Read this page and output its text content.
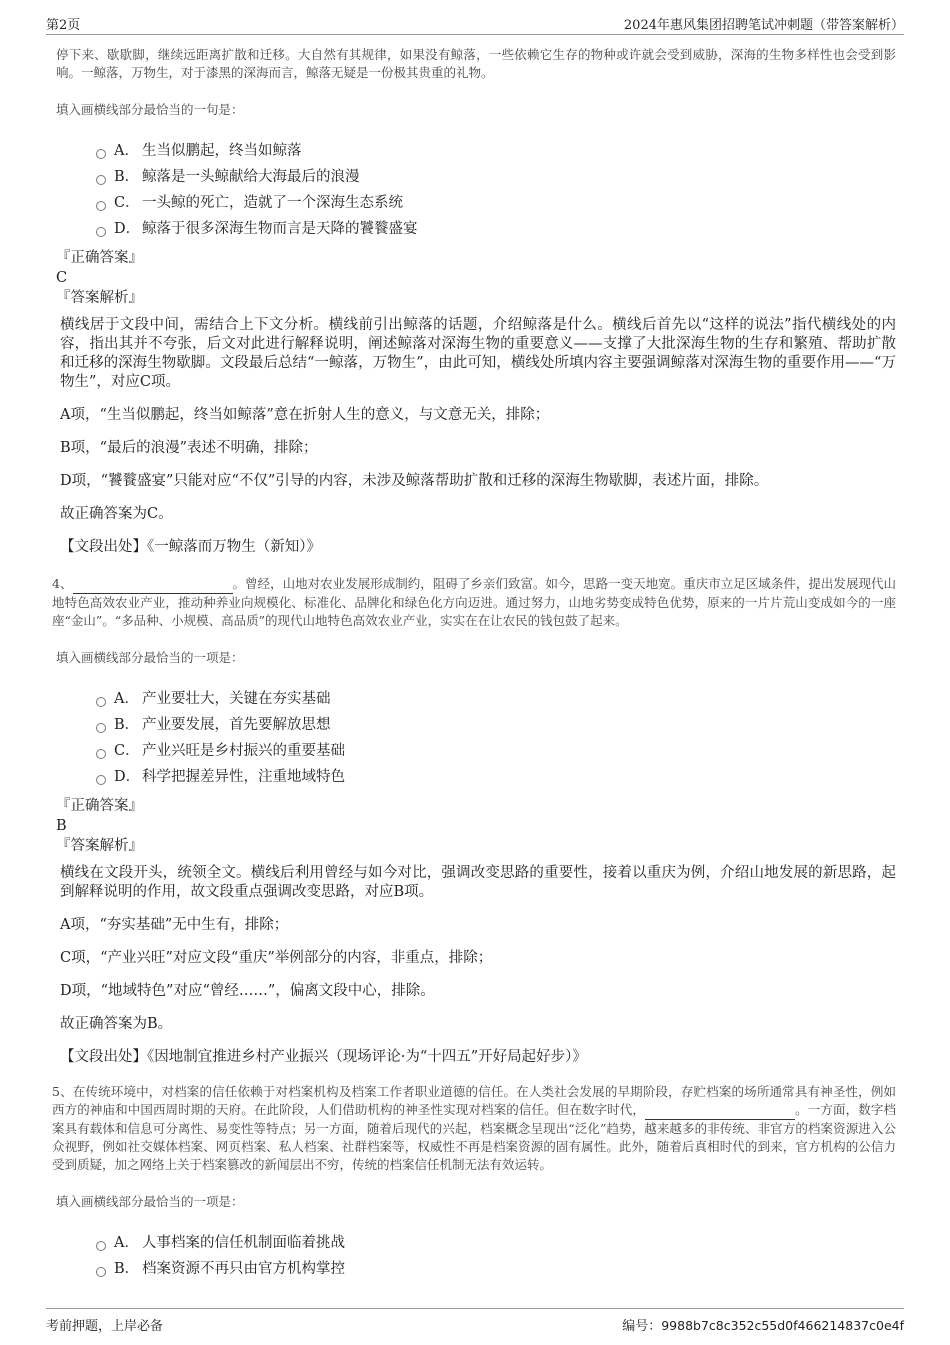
第2页	2024年惠风集团招聘笔试冲刺题（带答案解析）

停下来、歇歇脚，继续远距离扩散和迁移。大自然有其规律，如果没有鲸落，一些依赖它生存的物种或许就会受到威胁，深海的生物多样性也会受到影响。一鲸落，万物生，对于漆黑的深海而言，鲸落无疑是一份极其贵重的礼物。

填入画横线部分最恰当的一句是：

A． 生当似鹏起，终当如鲸落
B． 鲸落是一头鲸献给大海最后的浪漫
C． 一头鲸的死亡，造就了一个深海生态系统
D． 鲸落于很多深海生物而言是天降的饕餮盛宴

『正确答案』

C

『答案解析』

横线居于文段中间，需结合上下文分析。横线前引出鲸落的话题，介绍鲸落是什么。横线后首先以“这样的说法”指代横线处的内容，指出其并不夸张，后文对此进行解释说明，阐述鲸落对深海生物的重要意义——支撑了大批深海生物的生存和繁殖、帮助扩散和迁移的深海生物歇脚。文段最后总结“一鲸落，万物生”，由此可知，横线处所填内容主要强调鲸落对深海生物的重要作用——“万物生”，对应C项。

A项，“生当似鹏起，终当如鲸落”意在折射人生的意义，与文意无关，排除；

B项，“最后的浪漫”表述不明确，排除；

D项，“饕餮盛宴”只能对应“不仅”引导的内容，未涉及鲸落帮助扩散和迁移的深海生物歇脚，表述片面，排除。

故正确答案为C。

【文段出处】《一鲸落而万物生（新知）》

4、	。曾经，山地对农业发展形成制约，阻碍了乡亲们致富。如今，思路一变天地宽。重庆市立足区域条件，提出发展现代山地特色高效农业产业，推动种养业向规模化、标准化、品牌化和绿色化方向迈进。通过努力，山地劣势变成特色优势，原来的一片片荒山变成如今的一座座“金山”。“多品种、小规模、高品质”的现代山地特色高效农业产业，实实在在让农民的钱包鼓了起来。

填入画横线部分最恰当的一项是：

A． 产业要壮大，关键在夯实基础
B． 产业要发展，首先要解放思想
C． 产业兴旺是乡村振兴的重要基础
D． 科学把握差异性，注重地域特色

『正确答案』

B

『答案解析』

横线在文段开头，统领全文。横线后利用曾经与如今对比，强调改变思路的重要性，接着以重庆为例，介绍山地发展的新思路，起到解释说明的作用，故文段重点强调改变思路，对应B项。

A项，“夯实基础”无中生有，排除；

C项，“产业兴旺”对应文段“重庆”举例部分的内容，非重点，排除；

D项，“地域特色”对应“曾经……”，偏离文段中心，排除。

故正确答案为B。

【文段出处】《因地制宜推进乡村产业振兴（现场评论·为“十四五”开好局起好步）》

5、在传统环境中，对档案的信任依赖于对档案机构及档案工作者职业道德的信任。在人类社会发展的早期阶段，存贮档案的场所通常具有神圣性，例如西方的神庙和中国西周时期的天府。在此阶段，人们借助机构的神圣性实现对档案的信任。但在数字时代，	。一方面，数字档案具有载体和信息可分离性、易变性等特点；另一方面，随着后现代的兴起，档案概念呈现出“泛化”趋势，越来越多的非传统、非官方的档案资源进入公众视野，例如社交媒体档案、网页档案、私人档案、社群档案等，权威性不再是档案资源的固有属性。此外，随着后真相时代的到来，官方机构的公信力受到质疑，加之网络上关于档案篡改的新闻层出不穷，传统的档案信任机制无法有效运转。

填入画横线部分最恰当的一项是：

A． 人事档案的信任机制面临着挑战
B． 档案资源不再只由官方机构掌控
考前押题，上岸必备	编号：9988b7c8c352c55d0f466214837c0e4f
